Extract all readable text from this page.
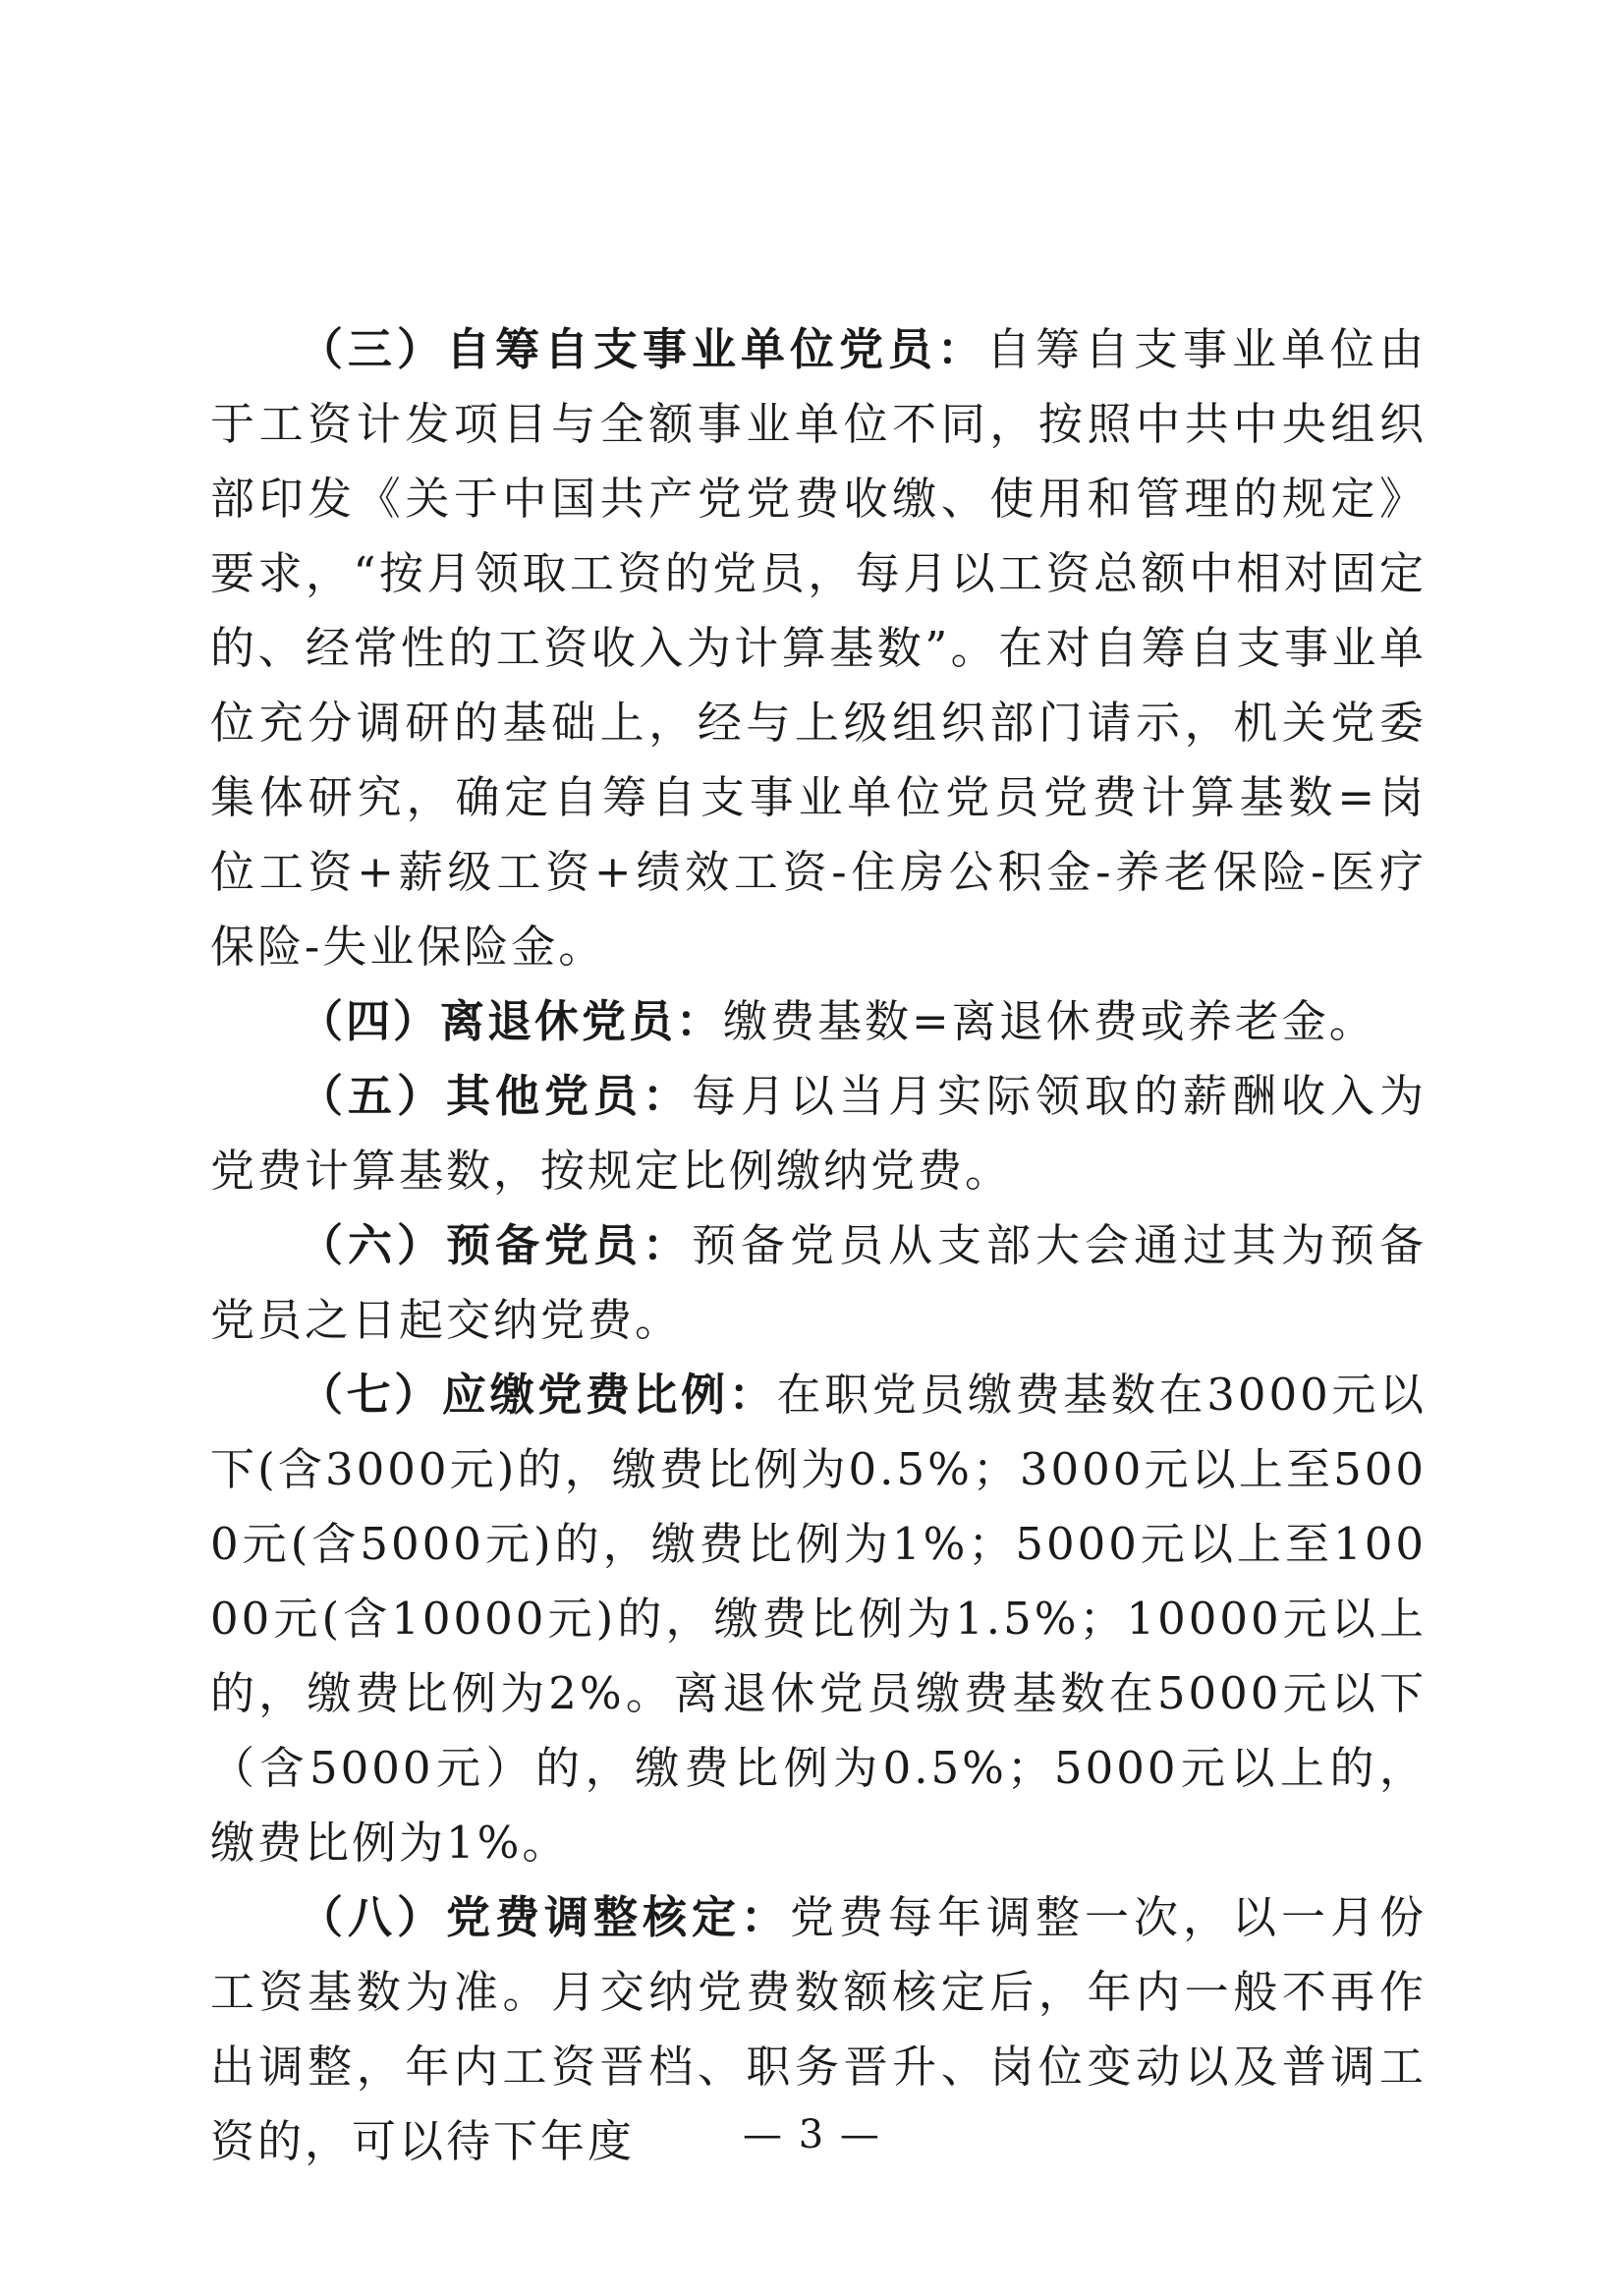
（三）自筹自支事业单位党员：自筹自支事业单位由于工资计发项目与全额事业单位不同，按照中共中央组织部印发《关于中国共产党党费收缴、使用和管理的规定》要求，“按月领取工资的党员，每月以工资总额中相对固定的、经常性的工资收入为计算基数”。在对自筹自支事业单位充分调研的基础上，经与上级组织部门请示，机关党委集体研究，确定自筹自支事业单位党员党费计算基数=岗位工资+薪级工资+绩效工资-住房公积金-养老保险-医疗保险-失业保险金。

（四）离退休党员：缴费基数=离退休费或养老金。

（五）其他党员：每月以当月实际领取的薪酬收入为党费计算基数，按规定比例缴纳党费。

（六）预备党员：预备党员从支部大会通过其为预备党员之日起交纳党费。

（七）应缴党费比例：在职党员缴费基数在3000元以下(含3000元)的，缴费比例为0.5%；3000元以上至5000元(含5000元)的，缴费比例为1%；5000元以上至10000元(含10000元)的，缴费比例为1.5%；10000元以上的，缴费比例为2%。离退休党员缴费基数在5000元以下（含5000元）的，缴费比例为0.5%；5000元以上的，缴费比例为1%。

（八）党费调整核定：党费每年调整一次，以一月份工资基数为准。月交纳党费数额核定后，年内一般不再作出调整，年内工资晋档、职务晋升、岗位变动以及普调工资的，可以待下年度	— 3 —
